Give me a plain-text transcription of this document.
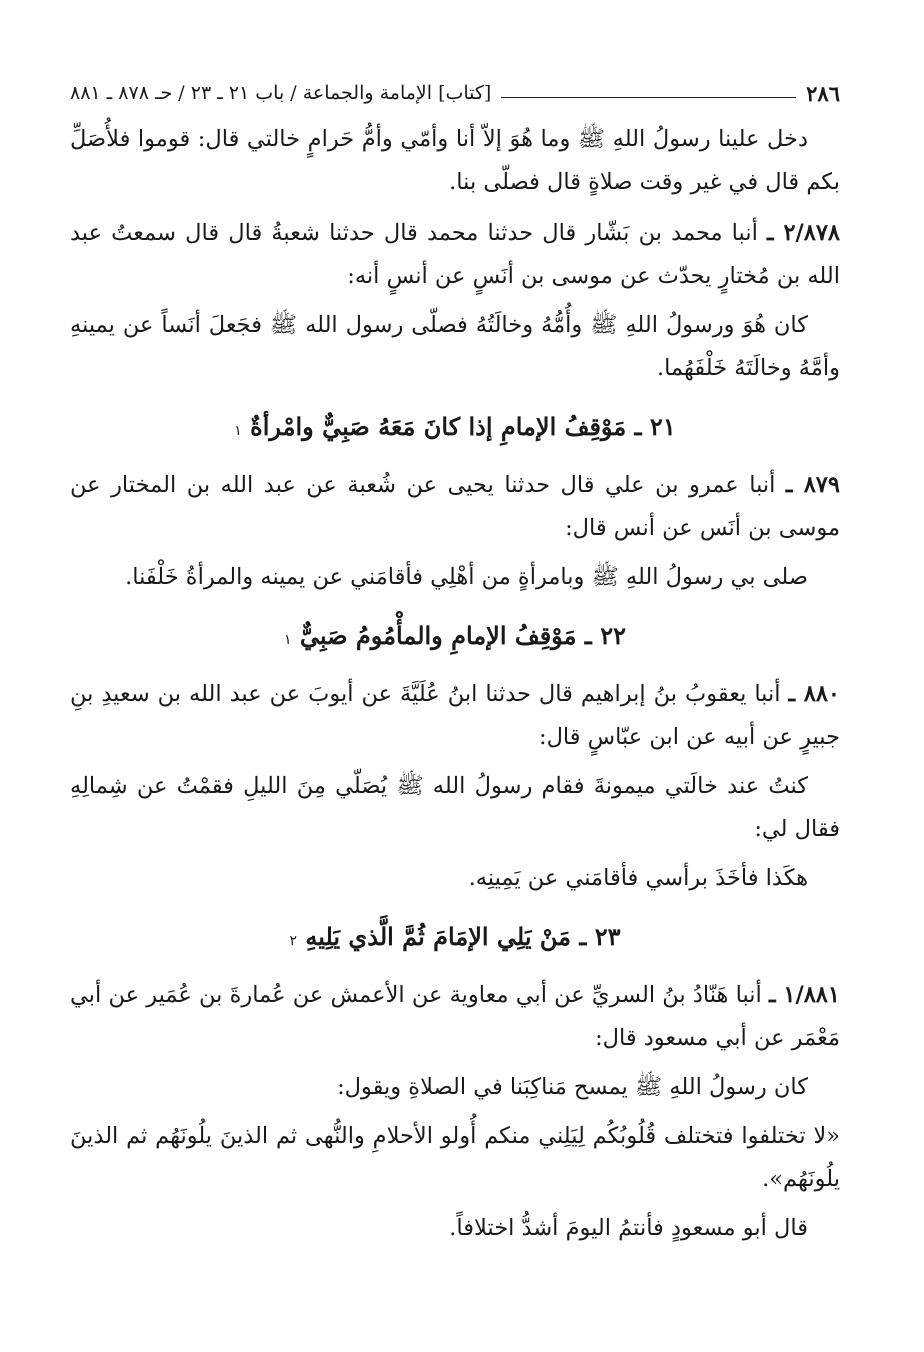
٢٨٦
[كتاب] الإمامة والجماعة / باب ٢١ ـ ٢٣ / حـ ٨٧٨ ـ ٨٨١

دخل علينا رسولُ اللهِ ﷺ وما هُوَ إلاّ أنا وأمّي وأمُّ حَرامٍ خالتي قال: قوموا فلأُصَلِّ بكم قال في غير وقت صلاةٍ قال فصلّى بنا.

٢/٨٧٨ ـ أنبا محمد بن بَشّار قال حدثنا محمد قال حدثنا شعبةُ قال قال سمعتُ عبد الله بن مُختارٍ يحدّث عن موسى بن أنَسٍ عن أنسٍ أنه:

كان هُوَ ورسولُ اللهِ ﷺ وأُمُّهُ وخالَتُهُ فصلّى رسول الله ﷺ فجَعلَ أنَساً عن يمينهِ وأمَّهُ وخالَتَهُ خَلْفَهُما.

٢١ ـ مَوْقِفُ الإمامِ إذا كانَ مَعَهُ صَبِيٌّ وامْرأةٌ ١

٨٧٩ ـ أنبا عمرو بن علي قال حدثنا يحيى عن شُعبة عن عبد الله بن المختار عن موسى بن أنَس عن أنس قال:

صلى بي رسولُ اللهِ ﷺ وبامرأةٍ من أهْلِي فأقامَني عن يمينه والمرأةُ خَلْفَنا.

٢٢ ـ مَوْقِفُ الإمامِ والمأْمُومُ صَبِيٌّ ١

٨٨٠ ـ أنبا يعقوبُ بنُ إبراهيم قال حدثنا ابنُ عُلَيَّةَ عن أيوبَ عن عبد الله بن سعيدِ بنِ جبيرٍ عن أبيه عن ابن عبّاسٍ قال:

كنتُ عند خالَتي ميمونةَ فقام رسولُ الله ﷺ يُصَلّي مِنَ الليلِ فقمْتُ عن شِمالِهِ فقال لي:

هكَذا فأخَذَ برأسي فأقامَني عن يَمِينِه.

٢٣ ـ مَنْ يَلِي الإمَامَ ثُمَّ الَّذي يَلِيهِ ٢

١/٨٨١ ـ أنبا هَنّادُ بنُ السريِّ عن أبي معاوية عن الأعمش عن عُمارةَ بن عُمَير عن أبي مَعْمَر عن أبي مسعود قال:

كان رسولُ اللهِ ﷺ يمسح مَناكِبَنا في الصلاةِ ويقول:

«لا تختلفوا فتختلف قُلُوبُكُم لِيَلِني منكم أُولو الأحلامِ والنُّهى ثم الذينَ يلُونَهُم ثم الذينَ يلُونَهُم».

قال أبو مسعودٍ فأنتمُ اليومَ أشدُّ اختلافاً.
